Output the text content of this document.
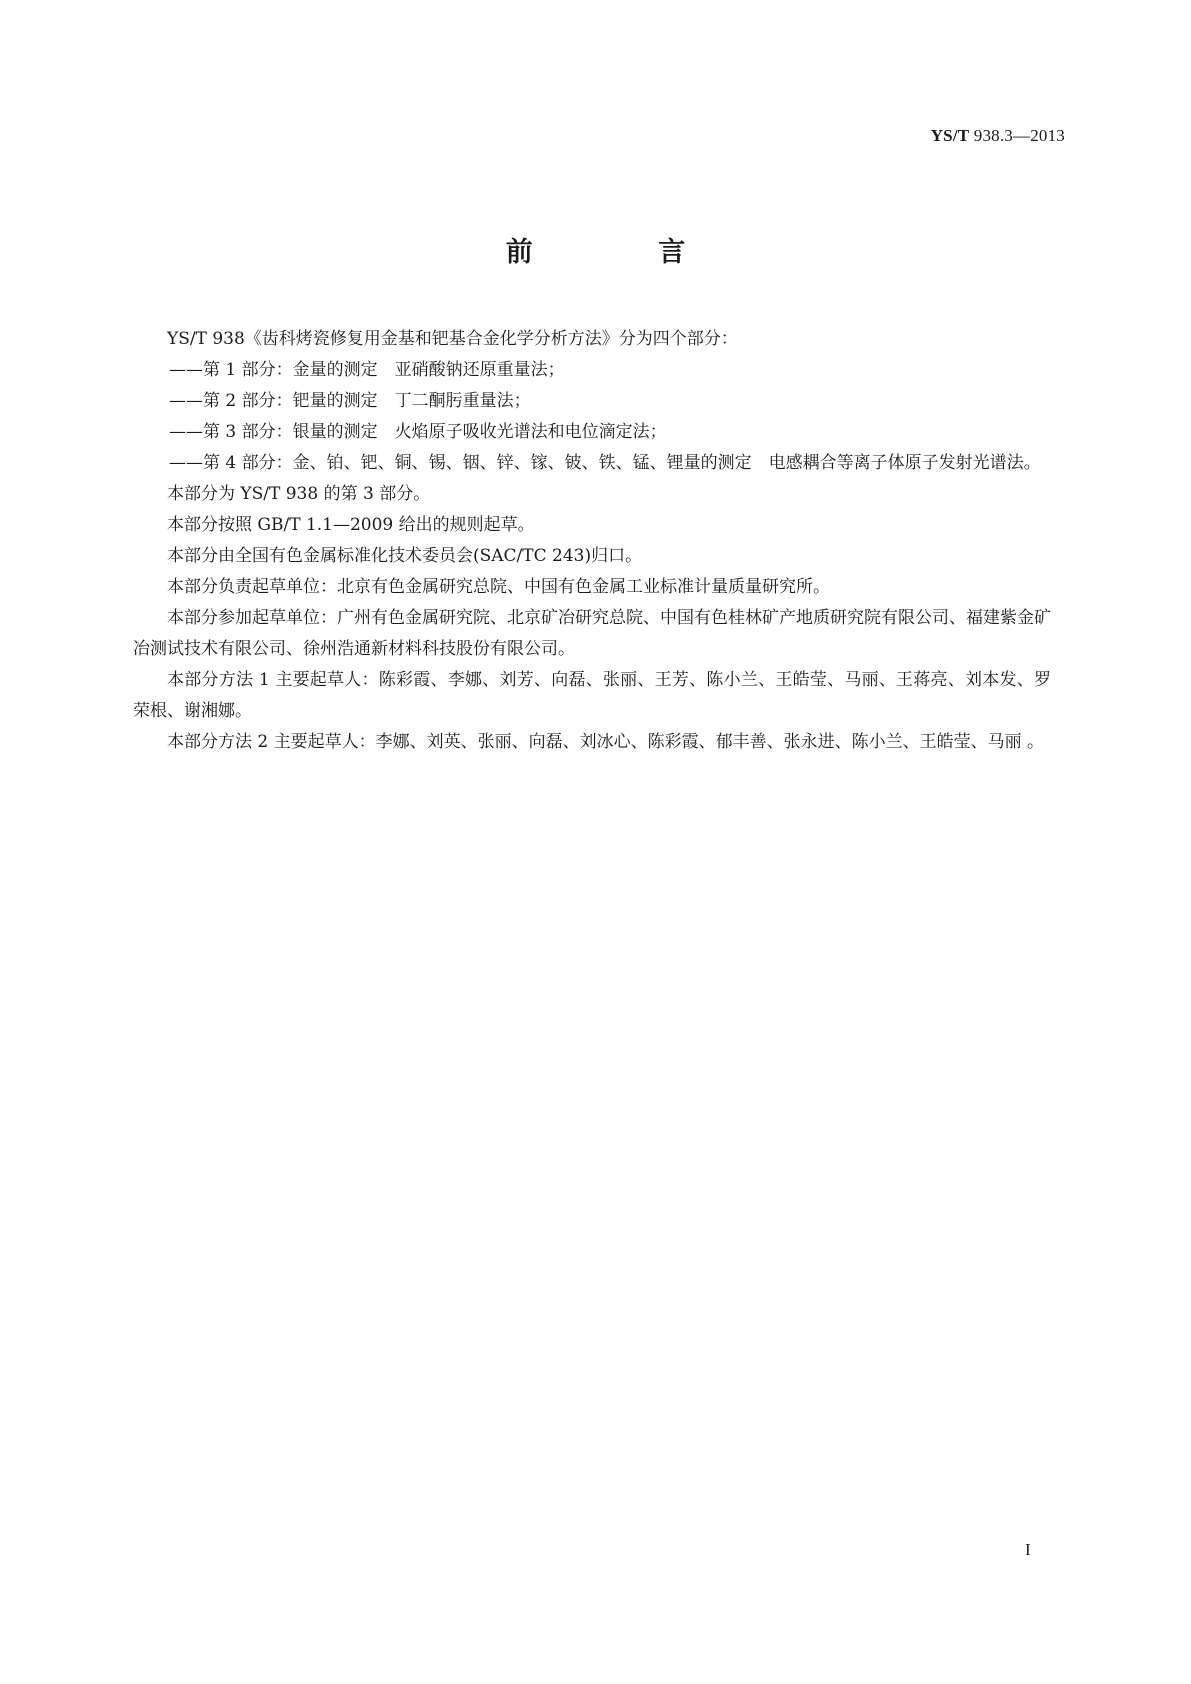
YS/T 938.3—2013
前 言

YS/T 938《齿科烤瓷修复用金基和钯基合金化学分析方法》分为四个部分：

——第 1 部分：金量的测定　亚硝酸钠还原重量法；

——第 2 部分：钯量的测定　丁二酮肟重量法；

——第 3 部分：银量的测定　火焰原子吸收光谱法和电位滴定法；

——第 4 部分：金、铂、钯、铜、锡、铟、锌、镓、铍、铁、锰、锂量的测定　电感耦合等离子体原子发射光谱法。

本部分为 YS/T 938 的第 3 部分。

本部分按照 GB/T 1.1—2009 给出的规则起草。

本部分由全国有色金属标准化技术委员会(SAC/TC 243)归口。

本部分负责起草单位：北京有色金属研究总院、中国有色金属工业标准计量质量研究所。

本部分参加起草单位：广州有色金属研究院、北京矿冶研究总院、中国有色桂林矿产地质研究院有限公司、福建紫金矿冶测试技术有限公司、徐州浩通新材料科技股份有限公司。

本部分方法 1 主要起草人：陈彩霞、李娜、刘芳、向磊、张丽、王芳、陈小兰、王皓莹、马丽、王蒋亮、刘本发、罗荣根、谢湘娜。

本部分方法 2 主要起草人：李娜、刘英、张丽、向磊、刘冰心、陈彩霞、郁丰善、张永进、陈小兰、王皓莹、马丽 。

I
